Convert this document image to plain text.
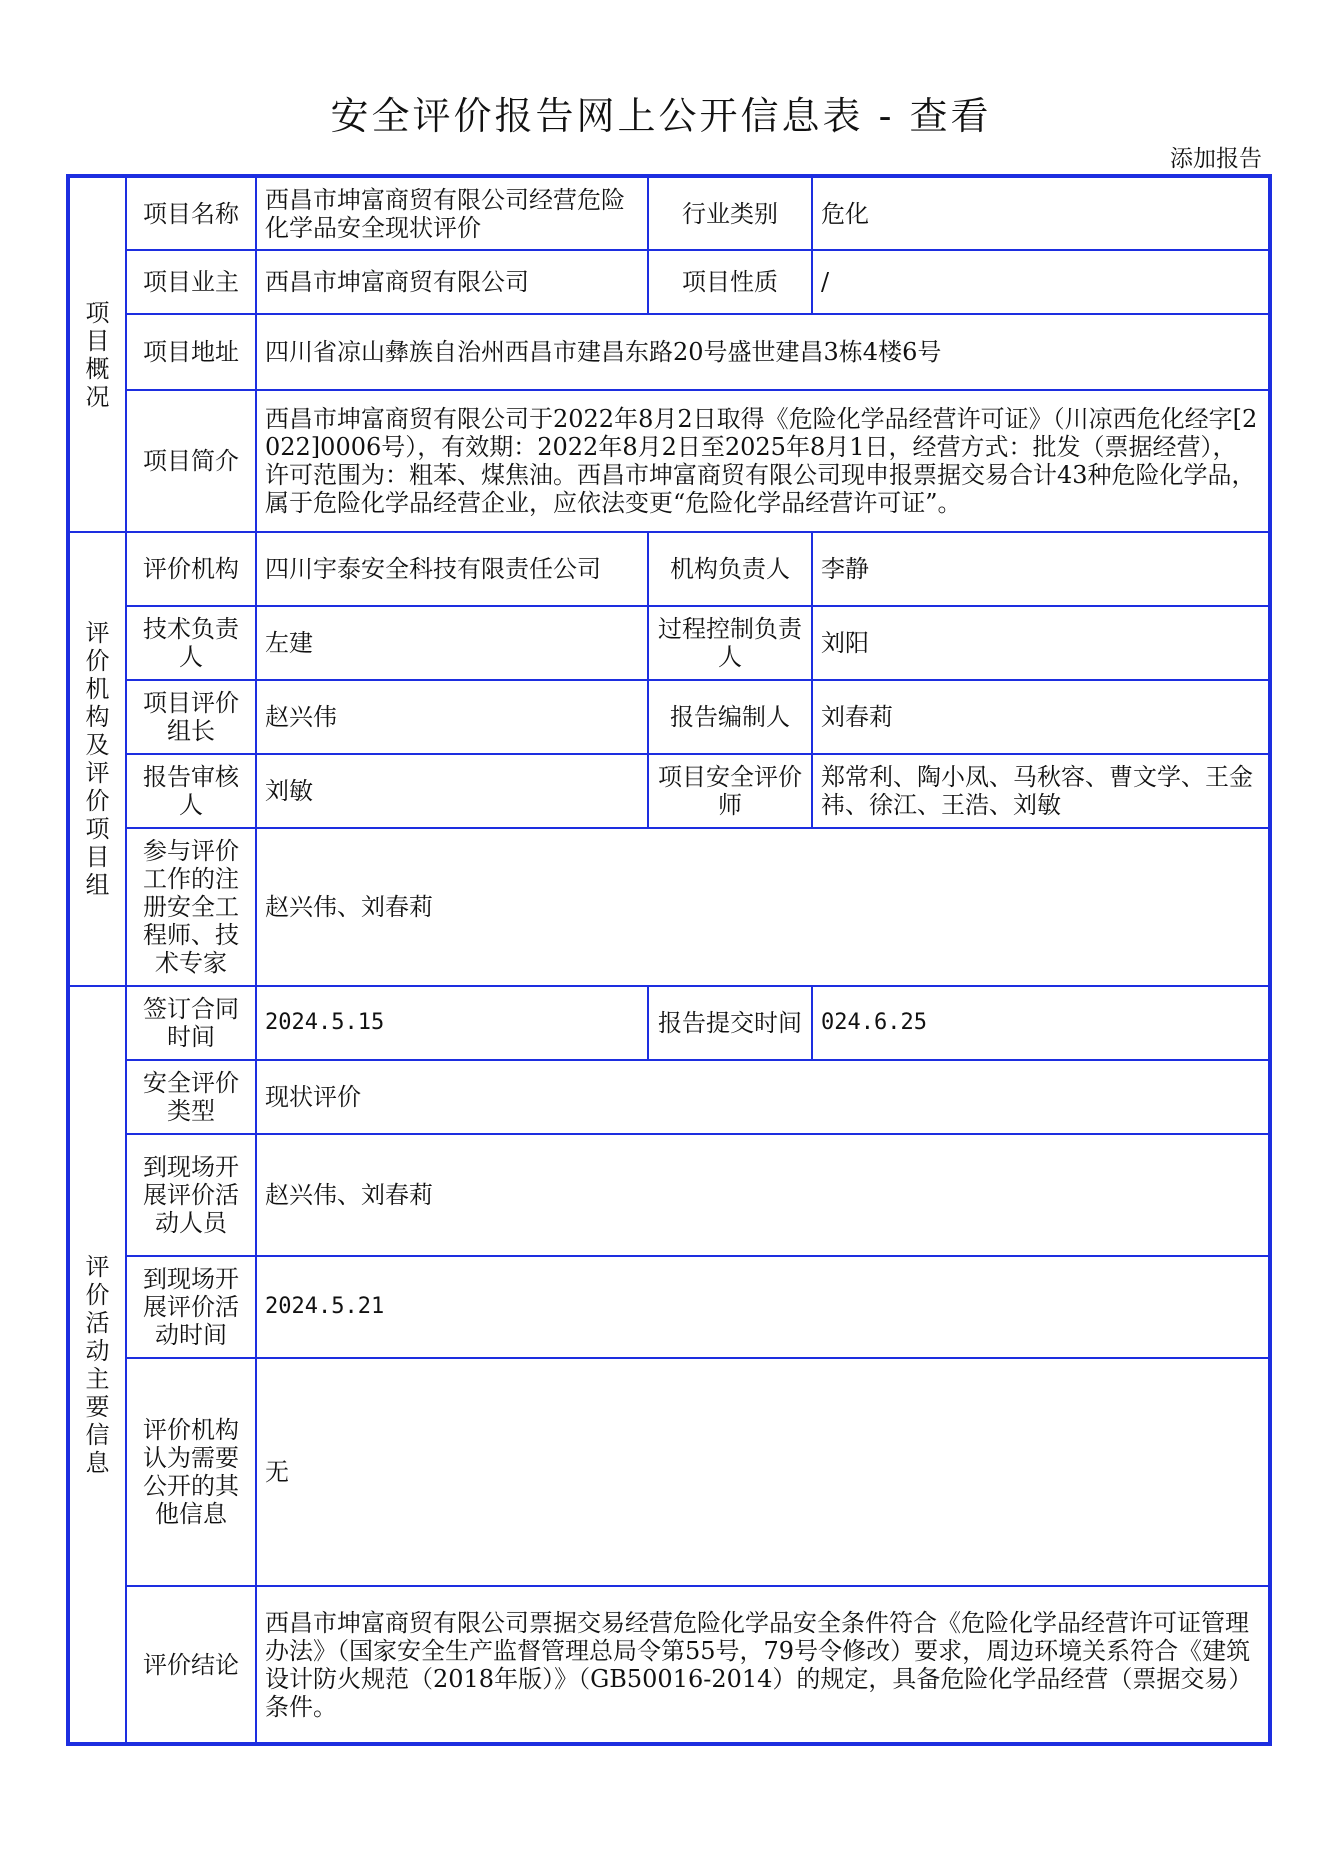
安全评价报告网上公开信息表 - 查看
添加报告
项目概况	项目名称	西昌市坤富商贸有限公司经营危险化学品安全现状评价	行业类别	危化
	项目业主	西昌市坤富商贸有限公司	项目性质	/
	项目地址	四川省凉山彝族自治州西昌市建昌东路20号盛世建昌3栋4楼6号		
	项目简介	西昌市坤富商贸有限公司于2022年8月2日取得《危险化学品经营许可证》（川凉西危化经字[2022]0006号），有效期：2022年8月2日至2025年8月1日，经营方式：批发（票据经营），许可范围为：粗苯、煤焦油。西昌市坤富商贸有限公司现申报票据交易合计43种危险化学品，属于危险化学品经营企业，应依法变更“危险化学品经营许可证”。		
评价机构及评价项目组	评价机构	四川宇泰安全科技有限责任公司	机构负责人	李静
	技术负责人	左建	过程控制负责人	刘阳
	项目评价组长	赵兴伟	报告编制人	刘春莉
	报告审核人	刘敏	项目安全评价师	郑常利、陶小凤、马秋容、曹文学、王金祎、徐江、王浩、刘敏
	参与评价工作的注册安全工程师、技术专家	赵兴伟、刘春莉		
评价活动主要信息	签订合同时间	2024.5.15	报告提交时间	024.6.25
	安全评价类型	现状评价		
	到现场开展评价活动人员	赵兴伟、刘春莉		
	到现场开展评价活动时间	2024.5.21		
	评价机构认为需要公开的其他信息	无		
	评价结论	西昌市坤富商贸有限公司票据交易经营危险化学品安全条件符合《危险化学品经营许可证管理办法》（国家安全生产监督管理总局令第55号，79号令修改）要求，周边环境关系符合《建筑设计防火规范（2018年版）》（GB50016-2014）的规定，具备危险化学品经营（票据交易）条件。		
